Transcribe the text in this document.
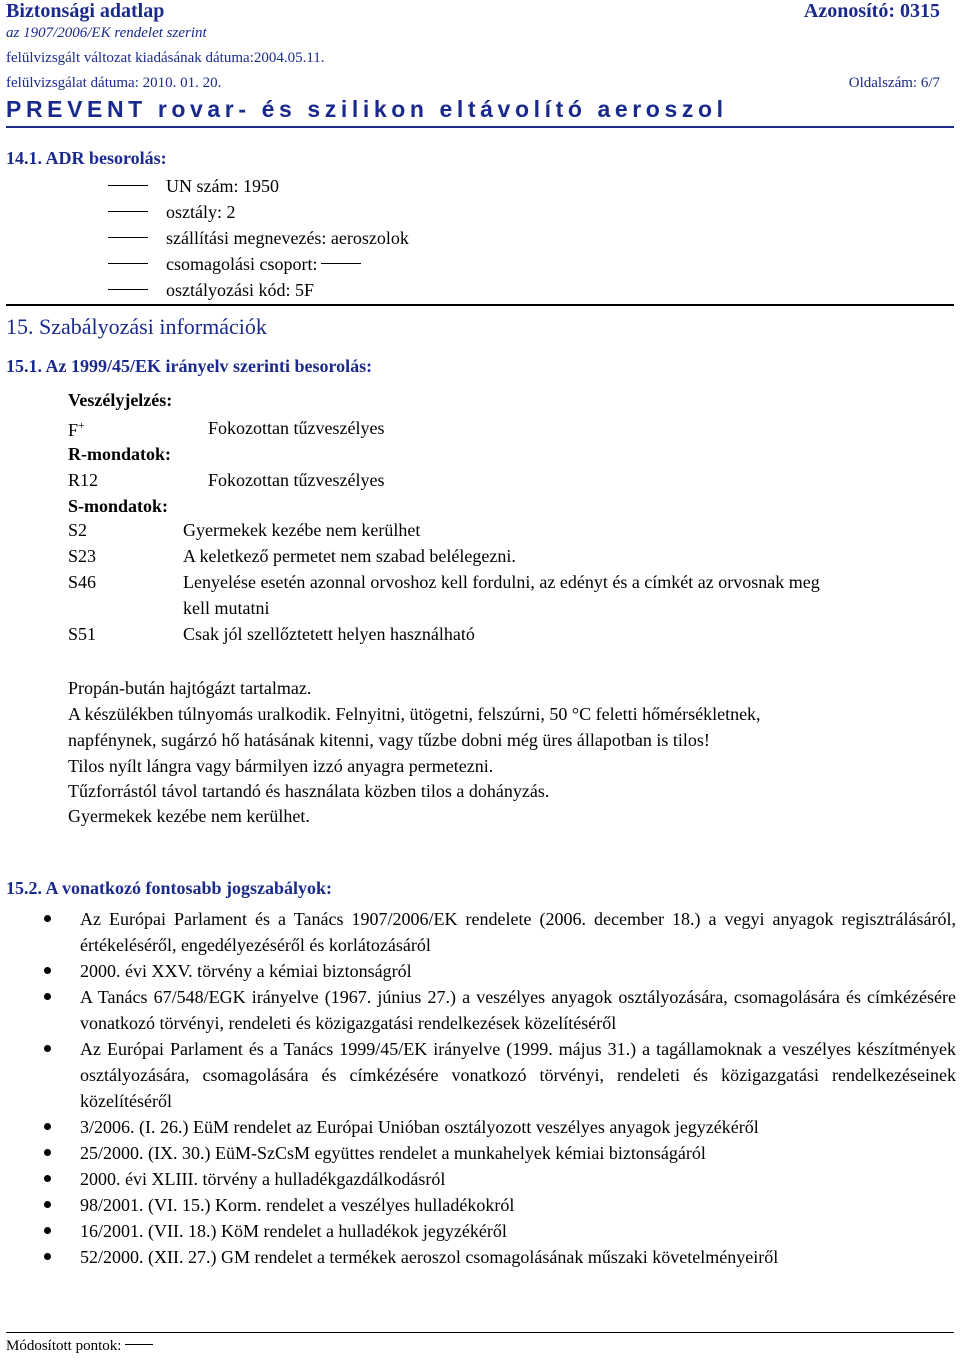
Biztonsági adatlap	Azonosító: 0315
az 1907/2006/EK rendelet szerint
felülvizsgált változat kiadásának dátuma:2004.05.11.
felülvizsgálat dátuma: 2010. 01. 20.	Oldalszám: 6/7
PREVENT rovar- és szilikon eltávolító aeroszol
14.1. ADR besorolás:
UN szám: 1950
osztály: 2
szállítási megnevezés: aeroszolok
csomagolási csoport:
osztályozási kód: 5F
15. Szabályozási információk
15.1. Az 1999/45/EK irányelv szerinti besorolás:
Veszélyjelzés:
F+	Fokozottan tűzveszélyes
R-mondatok:
R12	Fokozottan tűzveszélyes
S-mondatok:
S2	Gyermekek kezébe nem kerülhet
S23	A keletkező permetet nem szabad belélegezni.
S46	Lenyelése esetén azonnal orvoshoz kell fordulni, az edényt és a címkét az orvosnak meg
kell mutatni
S51	Csak jól szellőztetett helyen használható
Propán-bután hajtógázt tartalmaz.
A készülékben túlnyomás uralkodik. Felnyitni, ütögetni, felszúrni, 50 °C feletti hőmérsékletnek,
napfénynek, sugárzó hő hatásának kitenni, vagy tűzbe dobni még üres állapotban is tilos!
Tilos nyílt lángra vagy bármilyen izzó anyagra permetezni.
Tűzforrástól távol tartandó és használata közben tilos a dohányzás.
Gyermekek kezébe nem kerülhet.
15.2. A vonatkozó fontosabb jogszabályok:
Az Európai Parlament és a Tanács 1907/2006/EK rendelete (2006. december 18.) a vegyi anyagok regisztrálásáról, értékeléséről, engedélyezéséről és korlátozásáról
2000. évi XXV. törvény a kémiai biztonságról
A Tanács 67/548/EGK irányelve (1967. június 27.) a veszélyes anyagok osztályozására, csomagolására és címkézésére vonatkozó törvényi, rendeleti és közigazgatási rendelkezések közelítéséről
Az Európai Parlament és a Tanács 1999/45/EK irányelve (1999. május 31.) a tagállamoknak a veszélyes készítmények osztályozására, csomagolására és címkézésére vonatkozó törvényi, rendeleti és közigazgatási rendelkezéseinek közelítéséről
3/2006. (I. 26.) EüM rendelet az Európai Unióban osztályozott veszélyes anyagok jegyzékéről
25/2000. (IX. 30.) EüM-SzCsM együttes rendelet a munkahelyek kémiai biztonságáról
2000. évi XLIII. törvény a hulladékgazdálkodásról
98/2001. (VI. 15.) Korm. rendelet a veszélyes hulladékokról
16/2001. (VII. 18.) KöM rendelet a hulladékok jegyzékéről
52/2000. (XII. 27.) GM rendelet a termékek aeroszol csomagolásának műszaki követelményeiről
Módosított pontok:
